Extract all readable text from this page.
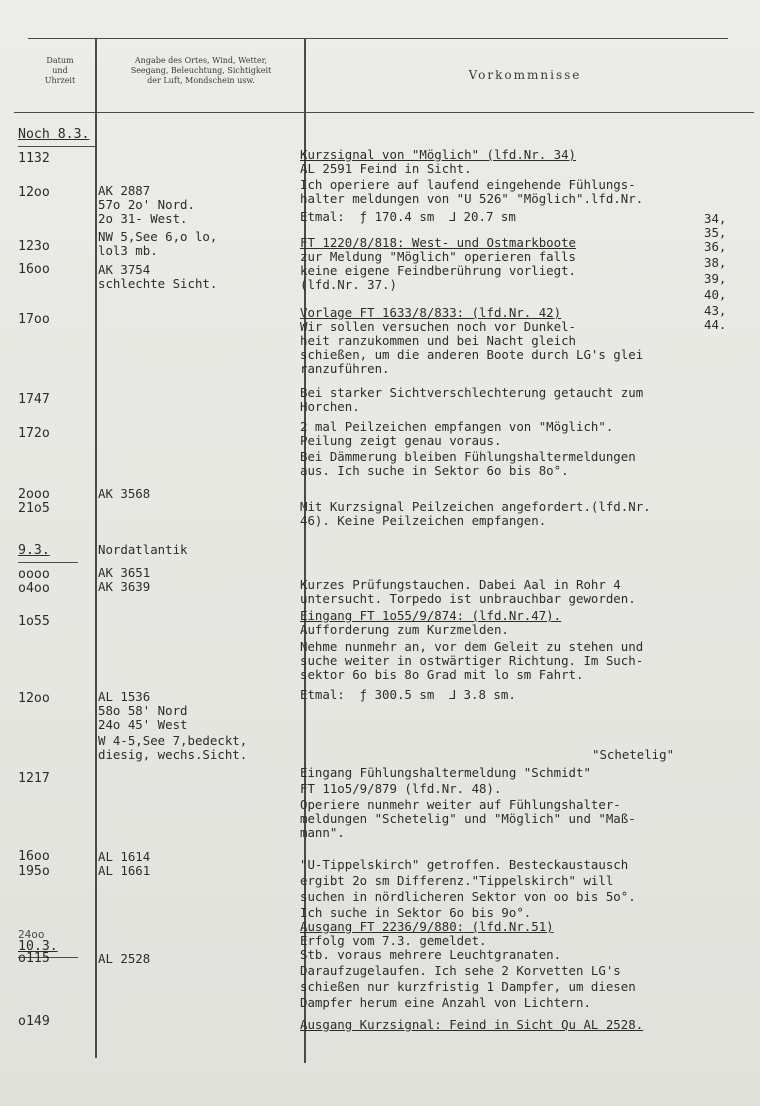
Datum
und
Uhrzeit
Angabe des Ortes, Wind, Wetter,
Seegang, Beleuchtung, Sichtigkeit
der Luft, Mondschein usw.	Vorkommnisse
Noch 8.3.
1132
12oo
123o
16oo
17oo
1747
172o
2ooo
21o5
9.3.
oooo
o4oo
1o55
12oo
1217
16oo
195o
24oo
10.3.
o115
o149
AK 2887
57o 2o' Nord.
2o 31- West.
NW 5,See 6,o lo,
lol3 mb.
AK 3754
schlechte Sicht.
AK 3568
Nordatlantik
AK 3651
AK 3639
AL 1536
58o 58' Nord
24o 45' West
W 4-5,See 7,bedeckt,
diesig, wechs.Sicht.
AL 1614
AL 1661
AL 2528
Kurzsignal von "Möglich" (lfd.Nr. 34)
AL 2591 Feind in Sicht.
Ich operiere auf laufend eingehende Fühlungs-
halter meldungen von "U 526" "Möglich".lfd.Nr.
Etmal:  ƒ 170.4 sm  ⅃ 20.7 sm
FT 1220/8/818: West- und Ostmarkboote
zur Meldung "Möglich" operieren falls
keine eigene Feindberührung vorliegt.
(lfd.Nr. 37.)
Vorlage FT 1633/8/833: (lfd.Nr. 42)
Wir sollen versuchen noch vor Dunkel-
heit ranzukommen und bei Nacht gleich
schießen, um die anderen Boote durch LG's glei
ranzuführen.
Bei starker Sichtverschlechterung getaucht zum
Horchen.
2 mal Peilzeichen empfangen von "Möglich".
Peilung zeigt genau voraus.
Bei Dämmerung bleiben Fühlungshaltermeldungen
aus. Ich suche in Sektor 6o bis 8o°.
Mit Kurzsignal Peilzeichen angefordert.(lfd.Nr.
46). Keine Peilzeichen empfangen.
Kurzes Prüfungstauchen. Dabei Aal in Rohr 4
untersucht. Torpedo ist unbrauchbar geworden.
Eingang FT 1o55/9/874: (lfd.Nr.47).
Aufforderung zum Kurzmelden.
Nehme nunmehr an, vor dem Geleit zu stehen und
suche weiter in ostwärtiger Richtung. Im Such-
sektor 6o bis 8o Grad mit lo sm Fahrt.
Etmal:  ƒ 300.5 sm  ⅃ 3.8 sm.
"Schetelig"
Eingang Fühlungshaltermeldung "Schmidt"
FT 11o5/9/879 (lfd.Nr. 48).
Operiere nunmehr weiter auf Fühlungshalter-
meldungen "Schetelig" und "Möglich" und "Maß-
mann".
"U-Tippelskirch" getroffen. Besteckaustausch
ergibt 2o sm Differenz."Tippelskirch" will
suchen in nördlicheren Sektor von oo bis 5o°.
Ich suche in Sektor 6o bis 9o°.
Ausgang FT 2236/9/880: (lfd.Nr.51)
Erfolg vom 7.3. gemeldet.
Stb. voraus mehrere Leuchtgranaten.
Daraufzugelaufen. Ich sehe 2 Korvetten LG's
schießen nur kurzfristig 1 Dampfer, um diesen
Dampfer herum eine Anzahl von Lichtern.
Ausgang Kurzsignal: Feind in Sicht Qu AL 2528.
34,
35,
36,
38,
39,
40,
43,
44.
